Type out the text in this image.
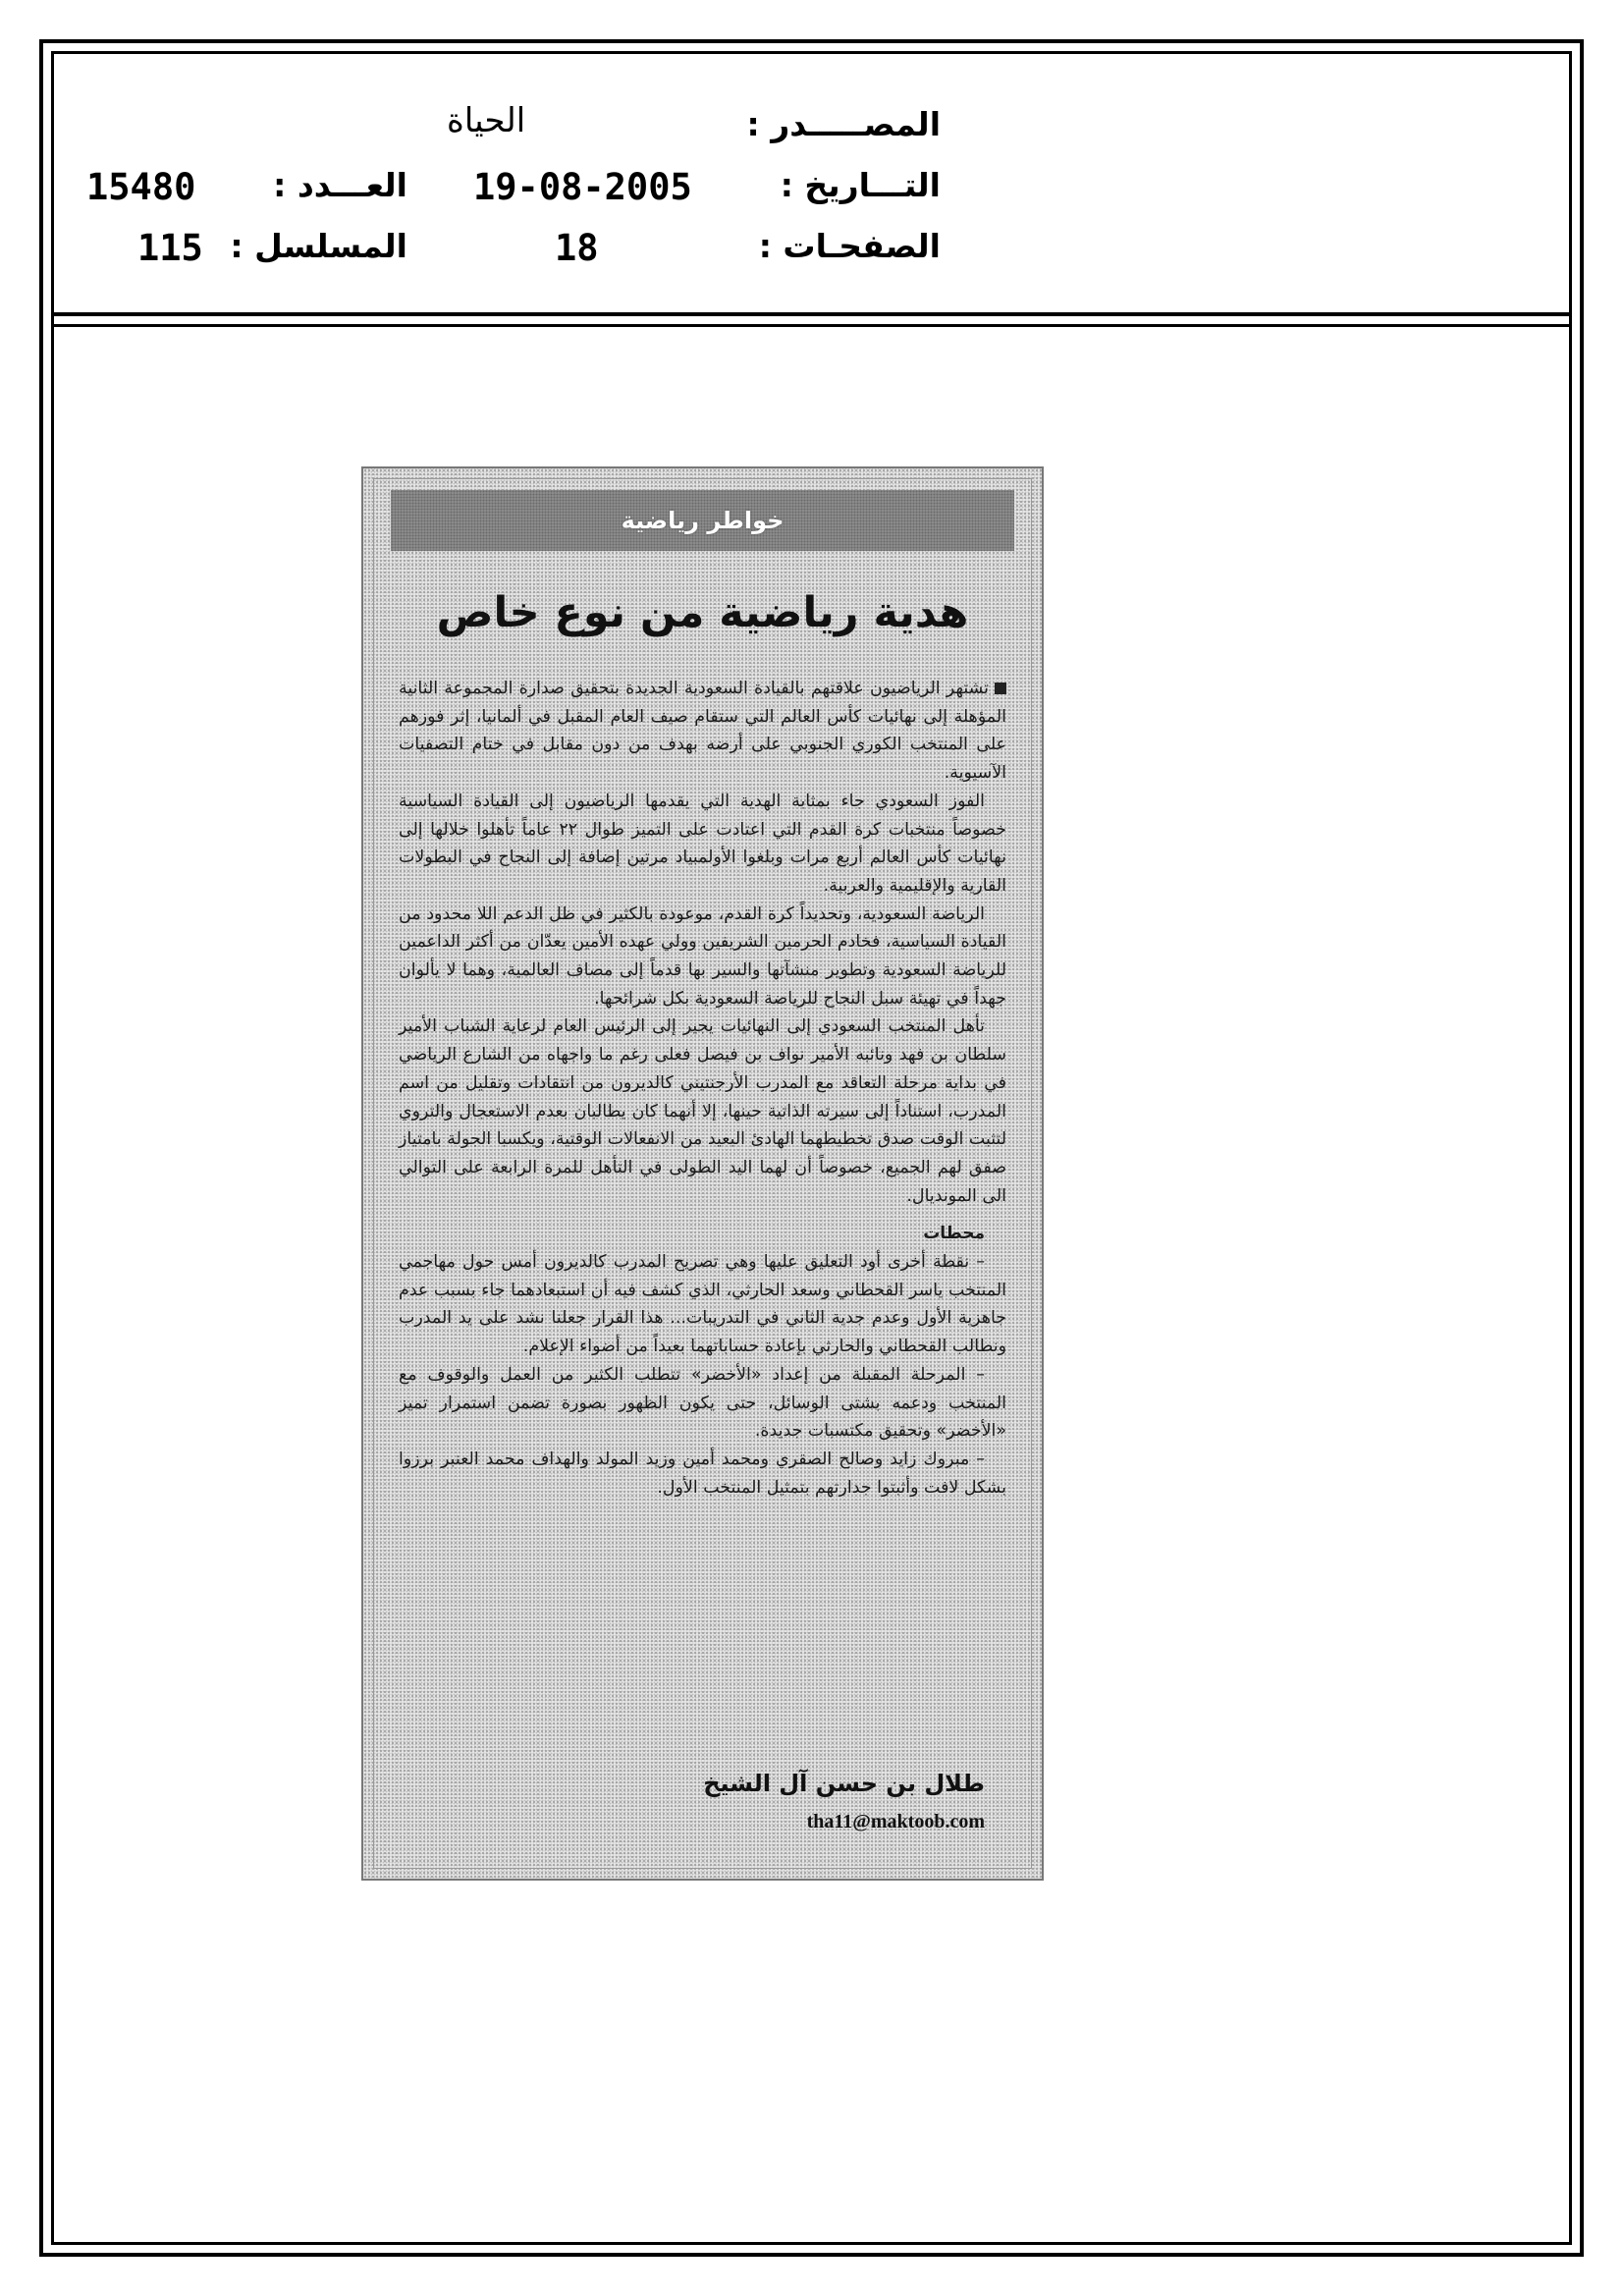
المصـــــدر :
الحياة
التـــاريخ :
19-08-2005
الصفحـات :
18
العـــدد :
15480
المسلسل :
115
خواطر رياضية
هدية رياضية من نوع خاص

تشتهر الرياضيون علاقتهم بالقيادة السعودية الجديدة بتحقيق صدارة المجموعة الثانية المؤهلة إلى نهائيات كأس العالم التي ستقام صيف العام المقبل في ألمانيا، إثر فوزهم على المنتخب الكوري الجنوبي على أرضه بهدف من دون مقابل في ختام التصفيات الآسيوية.

الفوز السعودي جاء بمثابة الهدية التي يقدمها الرياضيون إلى القيادة السياسية خصوصاً منتخبات كرة القدم التي اعتادت على التميز طوال ٢٢ عاماً تأهلوا خلالها إلى نهائيات كأس العالم أربع مرات وبلغوا الأولمبياد مرتين إضافة إلى النجاح في البطولات القارية والإقليمية والعربية.

الرياضة السعودية، وتحديداً كرة القدم، موعودة بالكثير في ظل الدعم اللا محدود من القيادة السياسية، فخادم الحرمين الشريفين وولي عهده الأمين يعدّان من أكثر الداعمين للرياضة السعودية وتطوير منشآتها والسير بها قدماً إلى مصاف العالمية، وهما لا يألوان جهداً في تهيئة سبل النجاح للرياضة السعودية بكل شرائحها.

تأهل المنتخب السعودي إلى النهائيات يجير إلى الرئيس العام لرعاية الشباب الأمير سلطان بن فهد ونائبه الأمير نواف بن فيصل فعلى رغم ما واجهاه من الشارع الرياضي في بداية مرحلة التعاقد مع المدرب الأرجنتيني كالديرون من انتقادات وتقليل من اسم المدرب، استناداً إلى سيرته الذاتية حينها، إلا أنهما كان يطالبان بعدم الاستعجال والتروي لتثبت الوقت صدق تخطيطهما الهادئ البعيد من الانفعالات الوقتية، ويكسبا الجولة بامتياز صفق لهم الجميع، خصوصاً أن لهما اليد الطولى في التأهل للمرة الرابعة على التوالي الى المونديال.

محطات

– نقطة أخرى أود التعليق عليها وهي تصريح المدرب كالديرون أمس حول مهاجمي المنتخب ياسر القحطاني وسعد الحارثي، الذي كشف فيه أن استبعادهما جاء بسبب عدم جاهزية الأول وعدم جدية الثاني في التدريبات... هذا القرار جعلنا نشد على يد المدرب ونطالب القحطاني والحارثي بإعادة حساباتهما بعيداً من أضواء الإعلام.

– المرحلة المقبلة من إعداد «الأخضر» تتطلب الكثير من العمل والوقوف مع المنتخب ودعمه بشتى الوسائل، حتى يكون الظهور بصورة تضمن استمرار تميز «الأخضر» وتحقيق مكتسبات جديدة.

– مبروك زايد وصالح الصقري ومحمد أمين وزيد المولد والهداف محمد العنبر برزوا بشكل لافت وأثبتوا جدارتهم بتمثيل المنتخب الأول.

طلال بن حسن آل الشيخ
tha11@maktoob.com
